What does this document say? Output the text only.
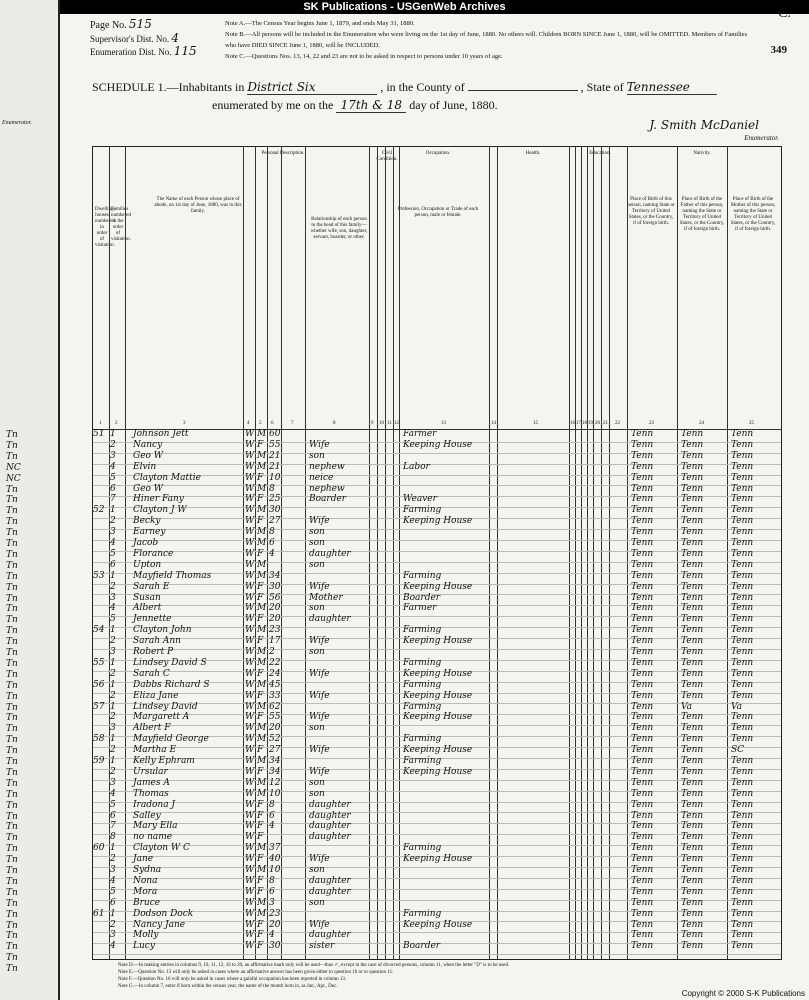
SK Publications - USGenWeb Archives
Enumerator.
Tn
Tn
Tn
NC
NC
Tn
Tn
Tn
Tn
Tn
Tn
Tn
Tn
Tn
Tn
Tn
Tn
Tn
Tn
Tn
Tn
Tn
Tn
Tn
Tn
Tn
Tn
Tn
Tn
Tn
Tn
Tn
Tn
Tn
Tn
Tn
Tn
Tn
Tn
Tn
Tn
Tn
Tn
Tn
Tn
Tn
Tn
Tn
Tn
Tn
Page No. 515
Supervisor's Dist. No. 4
Enumeration Dist. No. 115
Note A.—The Census Year begins June 1, 1879, and ends May 31, 1880.
Note B.—All persons will be included in the Enumeration who were living on the 1st day of June, 1880. No others will. Children BORN SINCE June 1, 1880, will be OMITTED. Members of Families who have DIED SINCE June 1, 1880, will be INCLUDED.
Note C.—Questions Nos. 13, 14, 22 and 23 are not to be asked in respect to persons under 10 years of age.
C.
349
SCHEDULE 1.—Inhabitants in District Six	, in the County of	, State of Tennessee
enumerated by me on the 17th & 18 day of June, 1880.
J. Smith McDaniel
Enumerator.
Dwelling-houses numbered in order of visitation.
Families numbered in the order of visitation.
The Name of each Person whose place of abode, on 1st day of June, 1880, was in this family.
Personal Description.
Relationship of each person to the head of this family—whether wife, son, daughter, servant, boarder, or other.
Civil Condition.
Occupation.
Profession, Occupation or Trade of each person, male or female.
Health.	Education.	Nativity.
Place of Birth of this person, naming State or Territory of United States, or the Country, if of foreign birth.
Place of Birth of the Father of this person, naming the State or Territory of United States, or the Country, if of foreign birth.
Place of Birth of the Mother of this person, naming the State or Territory of United States, or the Country, if of foreign birth.
1	2	3	4 5 6	7	8	9 10 11 12	13	14	15	16 17 18 19 20 21 22	23	24	25
51 1 Johnson Jett	W M 60	Farmer	Tenn	Tenn	Tenn
2 Nancy	W F 55	Wife	Keeping House	Tenn	Tenn	Tenn
3 Geo W	W M 21	son	Tenn	Tenn	Tenn
4 Elvin	W M 21	nephew	Labor	Tenn	Tenn	Tenn
5 Clayton Mattie	W F 10	neice	Tenn	Tenn	Tenn
6 Geo W	W M 8	nephew	Tenn	Tenn	Tenn
7 Hiner Fany	W F 25	Boarder	Weaver	Tenn	Tenn	Tenn
52 1 Clayton J W	W M 30	Farming	Tenn	Tenn	Tenn
2 Becky	W F 27	Wife	Keeping House	Tenn	Tenn	Tenn
3 Earney	W M 8	son	Tenn	Tenn	Tenn
4 Jacob	W M 6	son	Tenn	Tenn	Tenn
5 Florance	W F 4	daughter	Tenn	Tenn	Tenn
6 Upton	W M	son	Tenn	Tenn	Tenn
53 1 Mayfield Thomas	W M 34	Farming	Tenn	Tenn	Tenn
2 Sarah E	W F 30	Wife	Keeping House	Tenn	Tenn	Tenn
3 Susan	W F 56	Mother	Boarder	Tenn	Tenn	Tenn
4 Albert	W M 20	son	Farmer	Tenn	Tenn	Tenn
5 Jennette	W F 20	daughter	Tenn	Tenn	Tenn
54 1 Clayton John	W M 23	Farming	Tenn	Tenn	Tenn
2 Sarah Ann	W F 17	Wife	Keeping House	Tenn	Tenn	Tenn
3 Robert P	W M 2	son	Tenn	Tenn	Tenn
55 1 Lindsey David S	W M 22	Farming	Tenn	Tenn	Tenn
2 Sarah C	W F 24	Wife	Keeping House	Tenn	Tenn	Tenn
56 1 Dabbs Richard S	W M 45	Farming	Tenn	Tenn	Tenn
2 Eliza Jane	W F 33	Wife	Keeping House	Tenn	Tenn	Tenn
57 1 Lindsey David	W M 62	Farming	Tenn	Va	Va
2 Margarett A	W F 55	Wife	Keeping House	Tenn	Tenn	Tenn
3 Albert F	W M 20	son	Tenn	Tenn	Tenn
58 1 Mayfield George	W M 52	Farming	Tenn	Tenn	Tenn
2 Martha E	W F 27	Wife	Keeping House	Tenn	Tenn	SC
59 1 Kelly Ephram	W M 34	Farming	Tenn	Tenn	Tenn
2 Ursular	W F 34	Wife	Keeping House	Tenn	Tenn	Tenn
3 James A	W M 12	son	Tenn	Tenn	Tenn
4 Thomas	W M 10	son	Tenn	Tenn	Tenn
5 Iradona J	W F 8	daughter	Tenn	Tenn	Tenn
6 Salley	W F 6	daughter	Tenn	Tenn	Tenn
7 Mary Ella	W F 4	daughter	Tenn	Tenn	Tenn
8 no name	W F	daughter	Tenn	Tenn	Tenn
60 1 Clayton W C	W M 37	Farming	Tenn	Tenn	Tenn
2 Jane	W F 40	Wife	Keeping House	Tenn	Tenn	Tenn
3 Sydna	W M 10	son	Tenn	Tenn	Tenn
4 Nona	W F 8	daughter	Tenn	Tenn	Tenn
5 Mora	W F 6	daughter	Tenn	Tenn	Tenn
6 Bruce	W M 3	son	Tenn	Tenn	Tenn
61 1 Dodson Dock	W M 23	Farming	Tenn	Tenn	Tenn
2 Nancy Jane	W F 20	Wife	Keeping House	Tenn	Tenn	Tenn
3 Molly	W F 4	daughter	Tenn	Tenn	Tenn
4 Lucy	W F 30	sister	Boarder	Tenn	Tenn	Tenn
Note D.—In making entries in columns 9, 10, 11, 12, 16 to 20, an affirmative mark only will be used—thus ✓, except in the case of divorced persons, column 11, when the letter "D" is to be used.
Note E.—Question No. 13 will only be asked in cases where an affirmative answer has been given either to question 16 or to question 11.
Note F.—Question No. 16 will only be asked in cases where a gainful occupation has been reported in column 13.
Note G.—In column 7, enter if born within the census year, the name of the month born in, as Jan., Apr., Dec.
Copyright © 2000 S-K Publications
